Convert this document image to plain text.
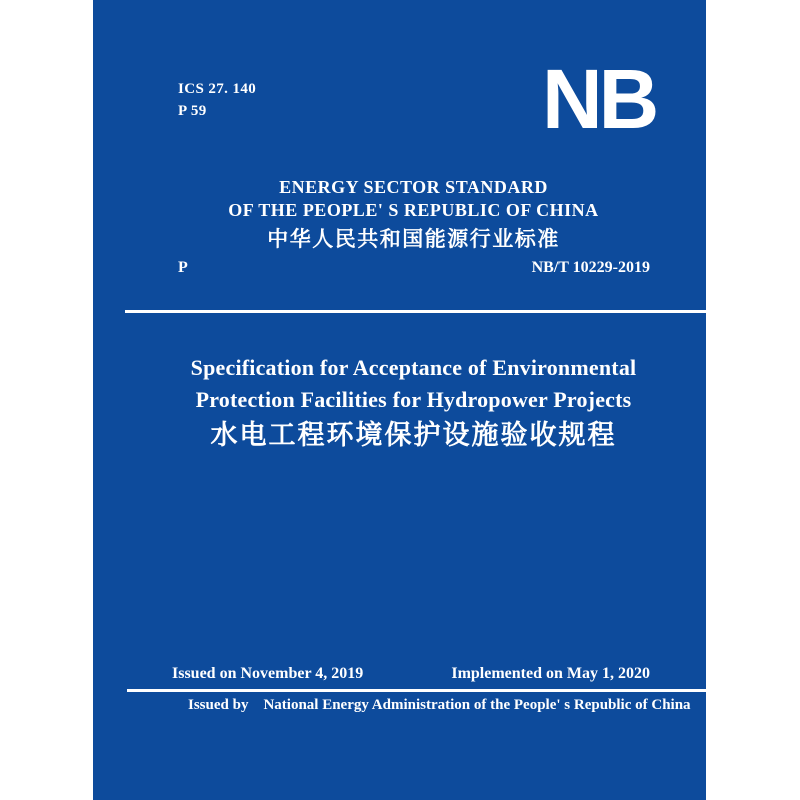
ICS 27. 140
P 59	NB
ENERGY SECTOR STANDARD
OF THE PEOPLE' S REPUBLIC OF CHINA
中华人民共和国能源行业标准
P	NB/T 10229-2019
Specification for Acceptance of Environmental
Protection Facilities for Hydropower Projects
水电工程环境保护设施验收规程
Issued on November 4, 2019	Implemented on May 1, 2020
Issued by National Energy Administration of the People' s Republic of China
